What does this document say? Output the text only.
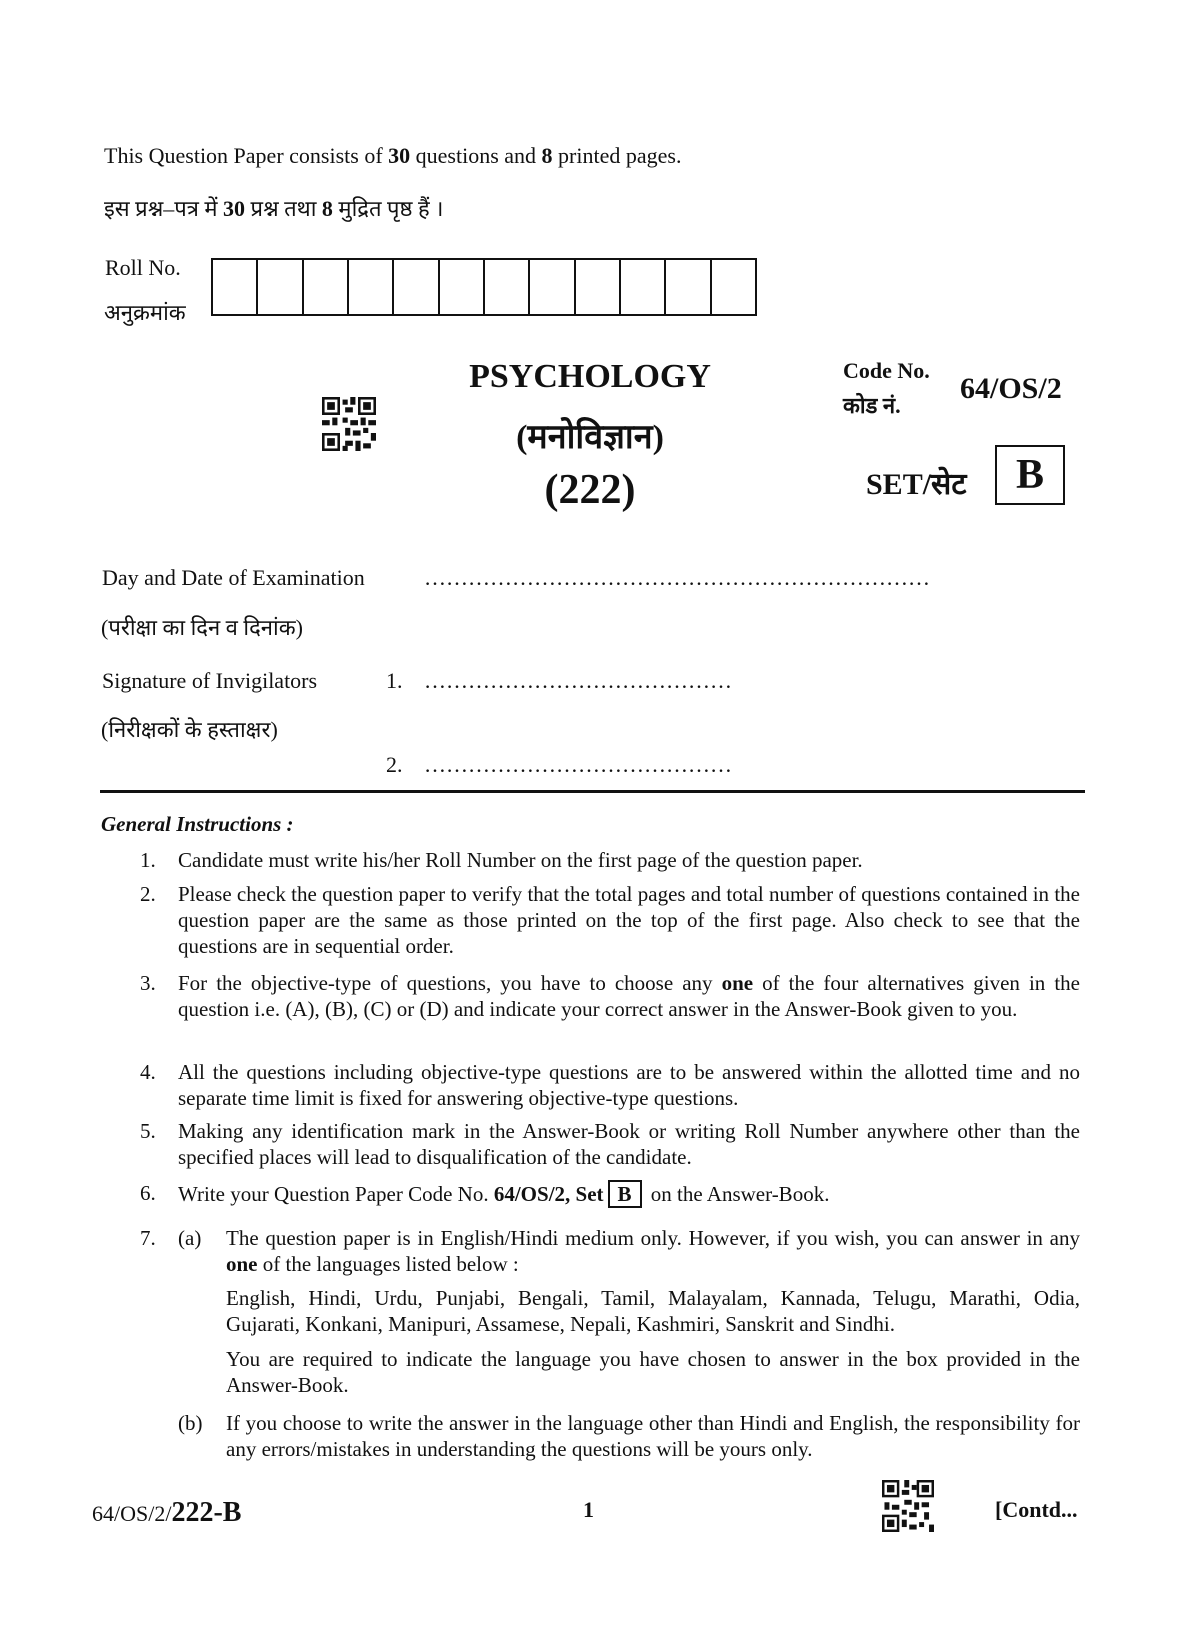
This Question Paper consists of 30 questions and 8 printed pages.
इस प्रश्न–पत्र में 30 प्रश्न तथा 8 मुद्रित पृष्ठ हैं ।
Roll No.
अनुक्रमांक
PSYCHOLOGY
(मनोविज्ञान)
(222)
Code No.
कोड नं.
64/OS/2
SET/सेट	B
Day and Date of Examination	……………………………………………………………
(परीक्षा का दिन व दिनांक)
Signature of Invigilators	1. ……………………………………
(निरीक्षकों के हस्ताक्षर)
2. ……………………………………
General Instructions :
1.	Candidate must write his/her Roll Number on the first page of the question paper.
2.	Please check the question paper to verify that the total pages and total number of questions contained in the question paper are the same as those printed on the top of the first page. Also check to see that the questions are in sequential order.
3.	For the objective-type of questions, you have to choose any one of the four alternatives given in the question i.e. (A), (B), (C) or (D) and indicate your correct answer in the Answer-Book given to you.
4.	All the questions including objective-type questions are to be answered within the allotted time and no separate time limit is fixed for answering objective-type questions.
5.	Making any identification mark in the Answer-Book or writing Roll Number anywhere other than the specified places will lead to disqualification of the candidate.
6.	Write your Question Paper Code No. 64/OS/2, Set B on the Answer-Book.
7.	(a) The question paper is in English/Hindi medium only. However, if you wish, you can answer in any one of the languages listed below :
English, Hindi, Urdu, Punjabi, Bengali, Tamil, Malayalam, Kannada, Telugu, Marathi, Odia, Gujarati, Konkani, Manipuri, Assamese, Nepali, Kashmiri, Sanskrit and Sindhi.
You are required to indicate the language you have chosen to answer in the box provided in the Answer-Book.
(b) If you choose to write the answer in the language other than Hindi and English, the responsibility for any errors/mistakes in understanding the questions will be yours only.
64/OS/2/222-B	1	[Contd...
